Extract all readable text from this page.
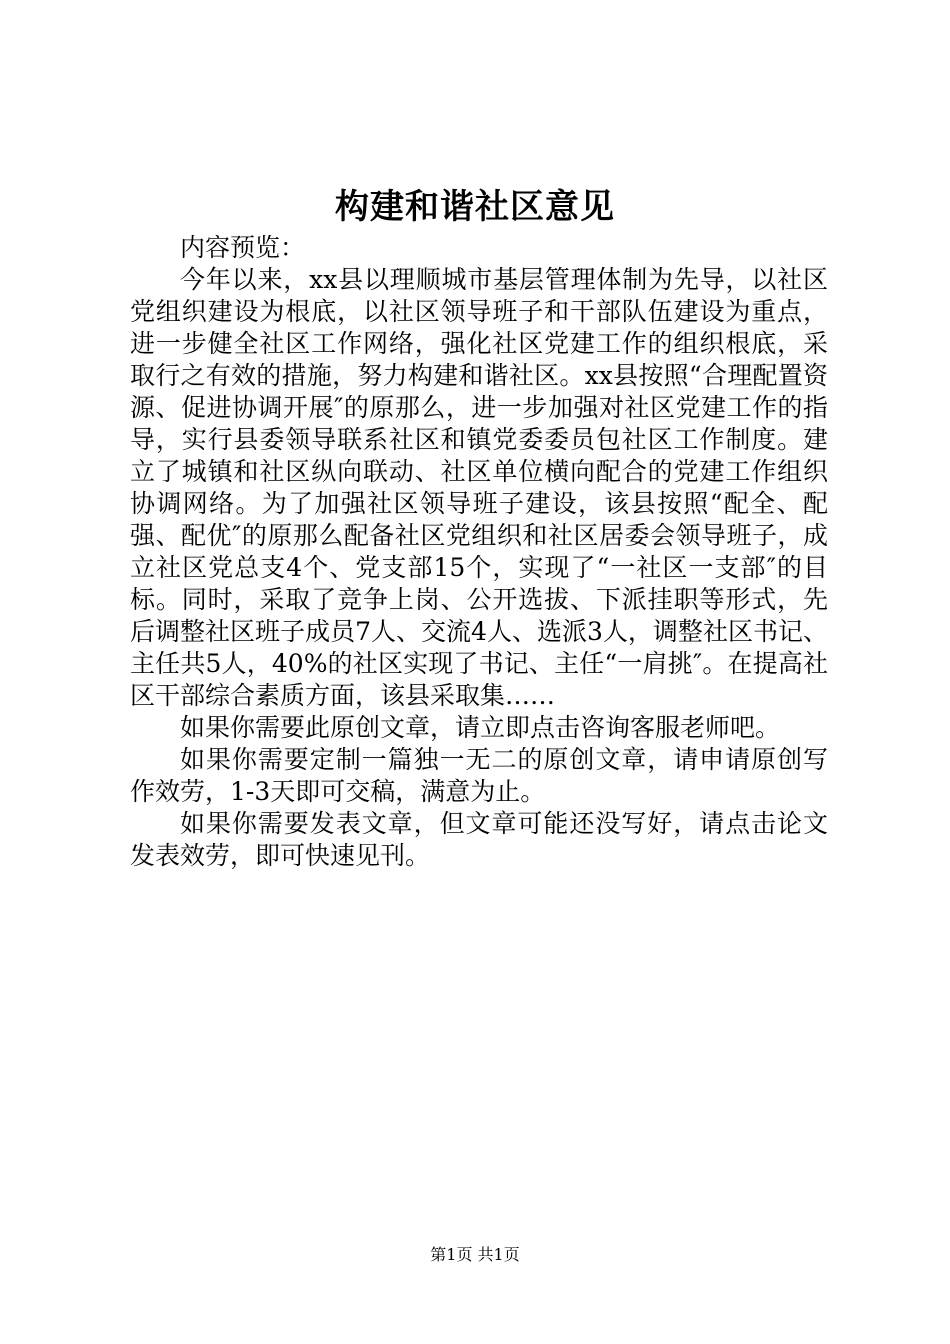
构建和谐社区意见

内容预览：

今年以来，xx县以理顺城市基层管理体制为先导，以社区党组织建设为根底，以社区领导班子和干部队伍建设为重点，进一步健全社区工作网络，强化社区党建工作的组织根底，采取行之有效的措施，努力构建和谐社区。xx县按照“合理配置资源、促进协调开展″的原那么，进一步加强对社区党建工作的指导，实行县委领导联系社区和镇党委委员包社区工作制度。建立了城镇和社区纵向联动、社区单位横向配合的党建工作组织协调网络。为了加强社区领导班子建设，该县按照“配全、配强、配优″的原那么配备社区党组织和社区居委会领导班子，成立社区党总支4个、党支部15个，实现了“一社区一支部″的目标。同时，采取了竞争上岗、公开选拔、下派挂职等形式，先后调整社区班子成员7人、交流4人、选派3人，调整社区书记、主任共5人，40%的社区实现了书记、主任“一肩挑″。在提高社区干部综合素质方面，该县采取集……

如果你需要此原创文章，请立即点击咨询客服老师吧。

如果你需要定制一篇独一无二的原创文章，请申请原创写作效劳，1-3天即可交稿，满意为止。

如果你需要发表文章，但文章可能还没写好，请点击论文发表效劳，即可快速见刊。

第1页 共1页
